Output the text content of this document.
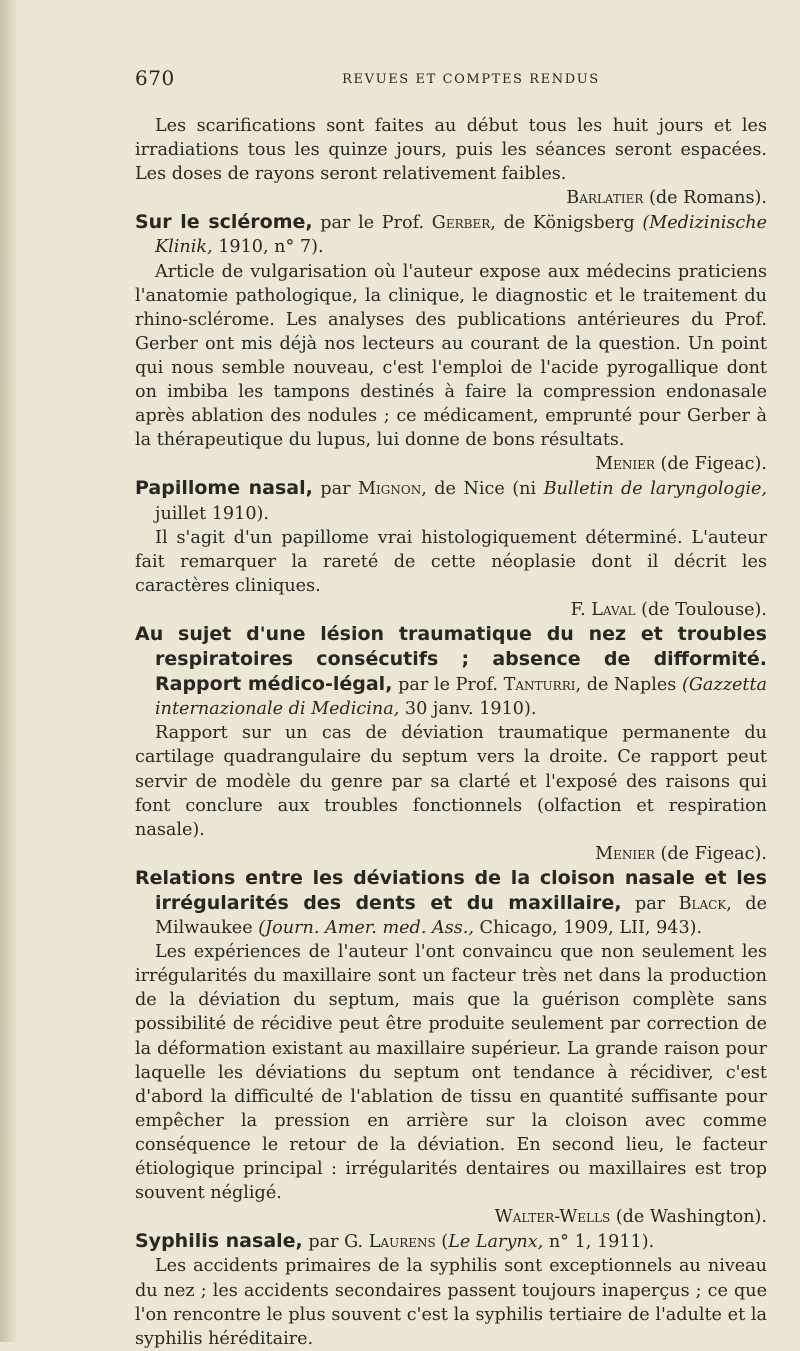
670	REVUES ET COMPTES RENDUS

Les scarifications sont faites au début tous les huit jours et les irradiations tous les quinze jours, puis les séances seront espacées. Les doses de rayons seront relativement faibles.

Barlatier (de Romans).

Sur le sclérome, par le Prof. Gerber, de Königsberg (Medizinische Klinik, 1910, n° 7).

Article de vulgarisation où l'auteur expose aux médecins praticiens l'anatomie pathologique, la clinique, le diagnostic et le traitement du rhino-sclérome. Les analyses des publications antérieures du Prof. Gerber ont mis déjà nos lecteurs au courant de la question. Un point qui nous semble nouveau, c'est l'emploi de l'acide pyrogallique dont on imbiba les tampons destinés à faire la compression endonasale après ablation des nodules ; ce médicament, emprunté pour Gerber à la thérapeutique du lupus, lui donne de bons résultats.

Menier (de Figeac).

Papillome nasal, par Mignon, de Nice (ni Bulletin de laryngologie, juillet 1910).

Il s'agit d'un papillome vrai histologiquement déterminé. L'auteur fait remarquer la rareté de cette néoplasie dont il décrit les caractères cliniques.

F. Laval (de Toulouse).

Au sujet d'une lésion traumatique du nez et troubles respiratoires consécutifs ; absence de difformité. Rapport médico-légal, par le Prof. Tanturri, de Naples (Gazzetta internazionale di Medicina, 30 janv. 1910).

Rapport sur un cas de déviation traumatique permanente du cartilage quadrangulaire du septum vers la droite. Ce rapport peut servir de modèle du genre par sa clarté et l'exposé des raisons qui font conclure aux troubles fonctionnels (olfaction et respiration nasale).

Menier (de Figeac).

Relations entre les déviations de la cloison nasale et les irrégularités des dents et du maxillaire, par Black, de Milwaukee (Journ. Amer. med. Ass., Chicago, 1909, LII, 943).

Les expériences de l'auteur l'ont convaincu que non seulement les irrégularités du maxillaire sont un facteur très net dans la production de la déviation du septum, mais que la guérison complète sans possibilité de récidive peut être produite seulement par correction de la déformation existant au maxillaire supérieur. La grande raison pour laquelle les déviations du septum ont tendance à récidiver, c'est d'abord la difficulté de l'ablation de tissu en quantité suffisante pour empêcher la pression en arrière sur la cloison avec comme conséquence le retour de la déviation. En second lieu, le facteur étiologique principal : irrégularités dentaires ou maxillaires est trop souvent négligé.

Walter-Wells (de Washington).

Syphilis nasale, par G. Laurens (Le Larynx, n° 1, 1911).

Les accidents primaires de la syphilis sont exceptionnels au niveau du nez ; les accidents secondaires passent toujours inaperçus ; ce que l'on rencontre le plus souvent c'est la syphilis tertiaire de l'adulte et la syphilis héréditaire.
